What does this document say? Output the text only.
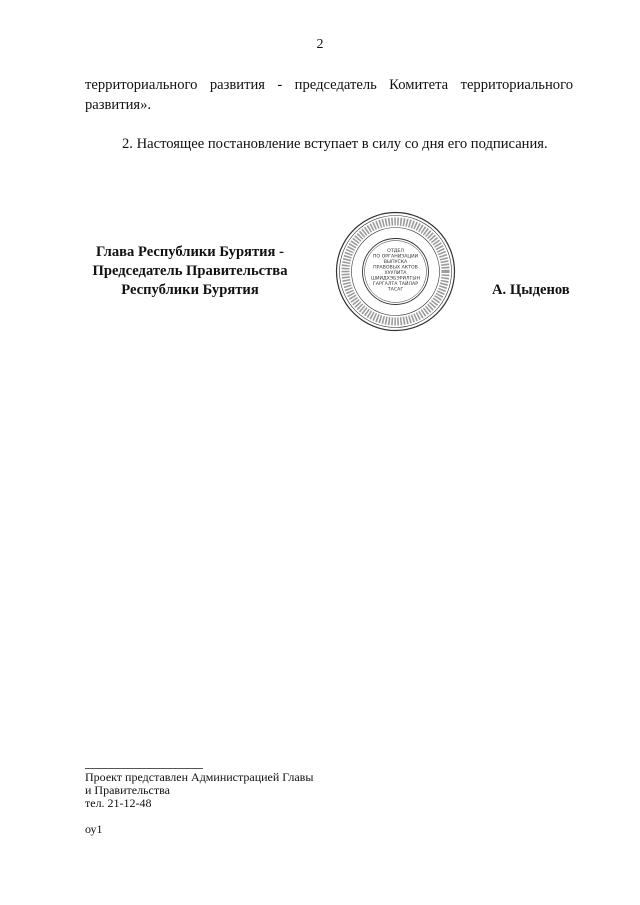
2

территориального развития - председатель Комитета территориального развития».

2. Настоящее постановление вступает в силу со дня его подписания.

Глава Республики Бурятия -
Председатель Правительства
Республики Бурятия
ОТДЕЛ
ПО ОРГАНИЗАЦИИ
ВЫПУСКА
ПРАВОВЫХ АКТОВ
ХУУЛИТА
ШИИДХЭБЭРИЛГЫН
ГАРГАЛТА ТАЙЛАР
ТАСАГ	А. Цыденов
Проект представлен Администрацией Главы
и Правительства
тел. 21-12-48
оу1
